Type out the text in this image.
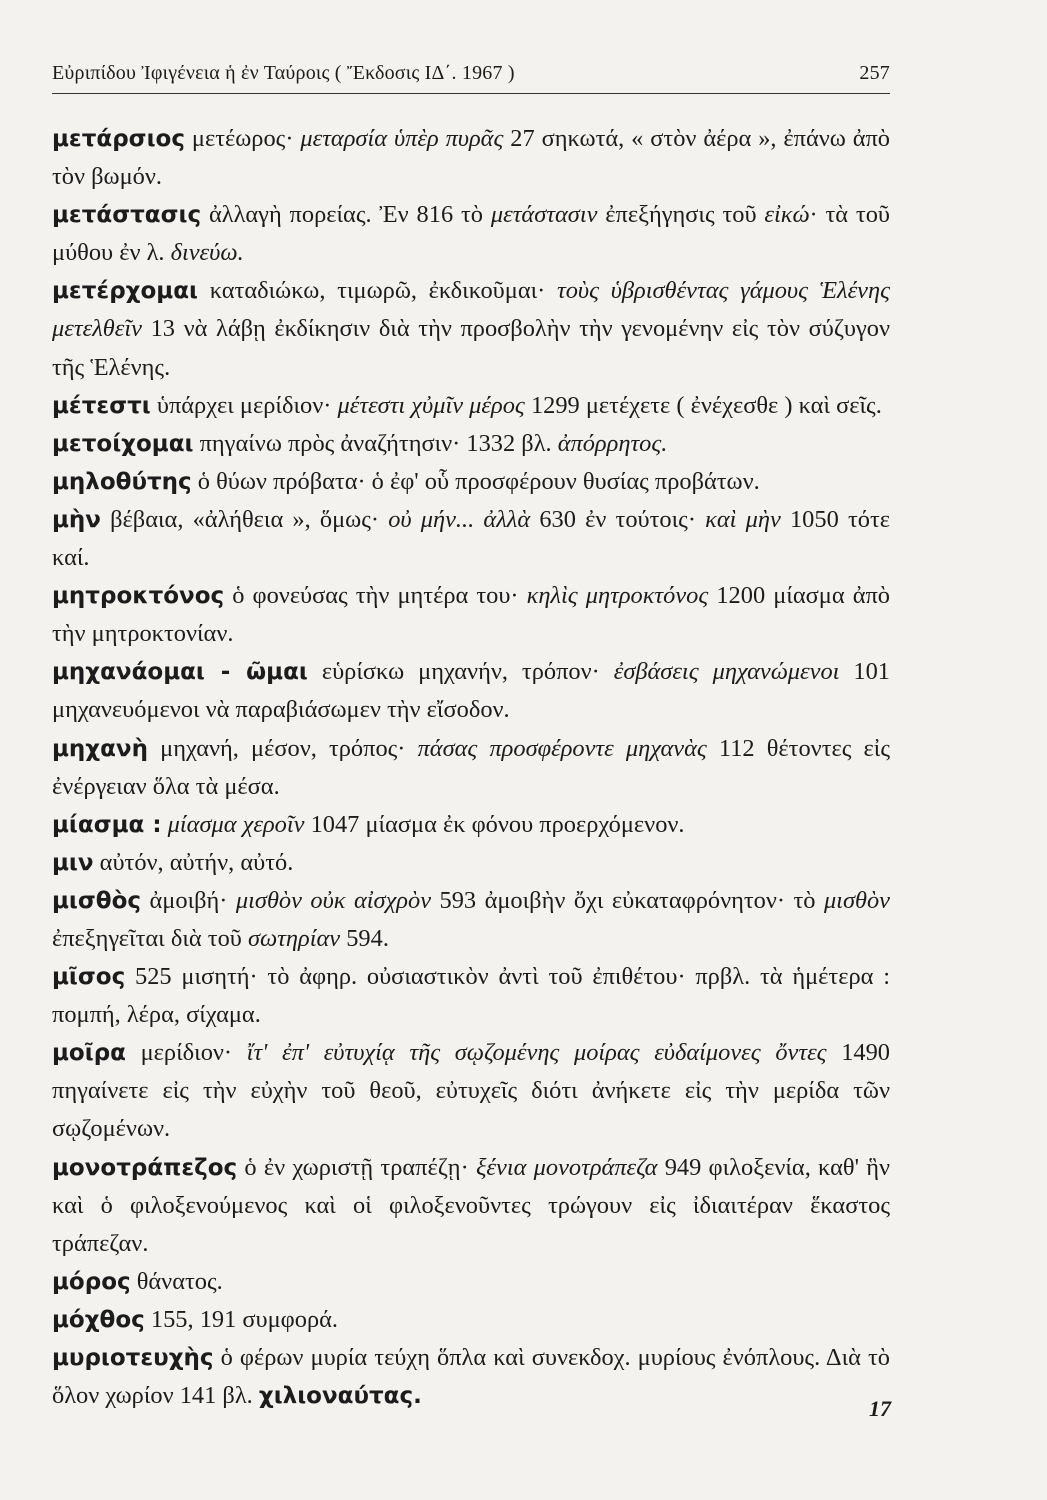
Εὐριπίδου Ἰφιγένεια ἡ ἐν Ταύροις ( Ἔκδοσις ΙΔ΄. 1967 )	257

μετάρσιος μετέωρος· μεταρσία ὑπὲρ πυρᾶς 27 σηκωτά, « στὸν ἀέρα », ἐπάνω ἀπὸ τὸν βωμόν.

μετάστασις ἀλλαγὴ πορείας. Ἐν 816 τὸ μετάστασιν ἐπεξήγησις τοῦ εἰκώ· τὰ τοῦ μύθου ἐν λ. δινεύω.

μετέρχομαι καταδιώκω, τιμωρῶ, ἐκδικοῦμαι· τοὺς ὑβρισθέντας γάμους Ἑλένης μετελθεῖν 13 νὰ λάβῃ ἐκδίκησιν διὰ τὴν προσβολὴν τὴν γενομένην εἰς τὸν σύζυγον τῆς Ἑλένης.

μέτεστι ὑπάρχει μερίδιον· μέτεστι χὐμῖν μέρος 1299 μετέχετε ( ἐνέχεσθε ) καὶ σεῖς.

μετοίχομαι πηγαίνω πρὸς ἀναζήτησιν· 1332 βλ. ἀπόρρητος.

μηλοθύτης ὁ θύων πρόβατα· ὁ ἐφ' οὗ προσφέρουν θυσίας προβάτων.

μὴν βέβαια, «ἀλήθεια », ὅμως· οὐ μήν... ἀλλὰ 630 ἐν τούτοις· καὶ μὴν 1050 τότε καί.

μητροκτόνος ὁ φονεύσας τὴν μητέρα του· κηλὶς μητροκτόνος 1200 μίασμα ἀπὸ τὴν μητροκτονίαν.

μηχανάομαι - ῶμαι εὑρίσκω μηχανήν, τρόπον· ἐσβάσεις μηχανώμενοι 101 μηχανευόμενοι νὰ παραβιάσωμεν τὴν εἴσοδον.

μηχανὴ μηχανή, μέσον, τρόπος· πάσας προσφέροντε μηχανὰς 112 θέτοντες εἰς ἐνέργειαν ὅλα τὰ μέσα.

μίασμα : μίασμα χεροῖν 1047 μίασμα ἐκ φόνου προερχόμενον.

μιν αὐτόν, αὐτήν, αὐτό.

μισθὸς ἀμοιβή· μισθὸν οὐκ αἰσχρὸν 593 ἀμοιβὴν ὄχι εὐκαταφρόνητον· τὸ μισθὸν ἐπεξηγεῖται διὰ τοῦ σωτηρίαν 594.

μῖσος 525 μισητή· τὸ ἀφηρ. οὐσιαστικὸν ἀντὶ τοῦ ἐπιθέτου· πρβλ. τὰ ἡμέτερα : πομπή, λέρα, σίχαμα.

μοῖρα μερίδιον· ἴτ' ἐπ' εὐτυχίᾳ τῆς σῳζομένης μοίρας εὐδαίμονες ὄντες 1490 πηγαίνετε εἰς τὴν εὐχὴν τοῦ θεοῦ, εὐτυχεῖς διότι ἀνήκετε εἰς τὴν μερίδα τῶν σῳζομένων.

μονοτράπεζος ὁ ἐν χωριστῇ τραπέζῃ· ξένια μονοτράπεζα 949 φιλοξενία, καθ' ἣν καὶ ὁ φιλοξενούμενος καὶ οἱ φιλοξενοῦντες τρώγουν εἰς ἰδιαιτέραν ἕκαστος τράπεζαν.

μόρος θάνατος.

μόχθος 155, 191 συμφορά.

μυριοτευχὴς ὁ φέρων μυρία τεύχη ὅπλα καὶ συνεκδοχ. μυρίους ἐνόπλους. Διὰ τὸ ὅλον χωρίον 141 βλ. χιλιοναύτας.	17
